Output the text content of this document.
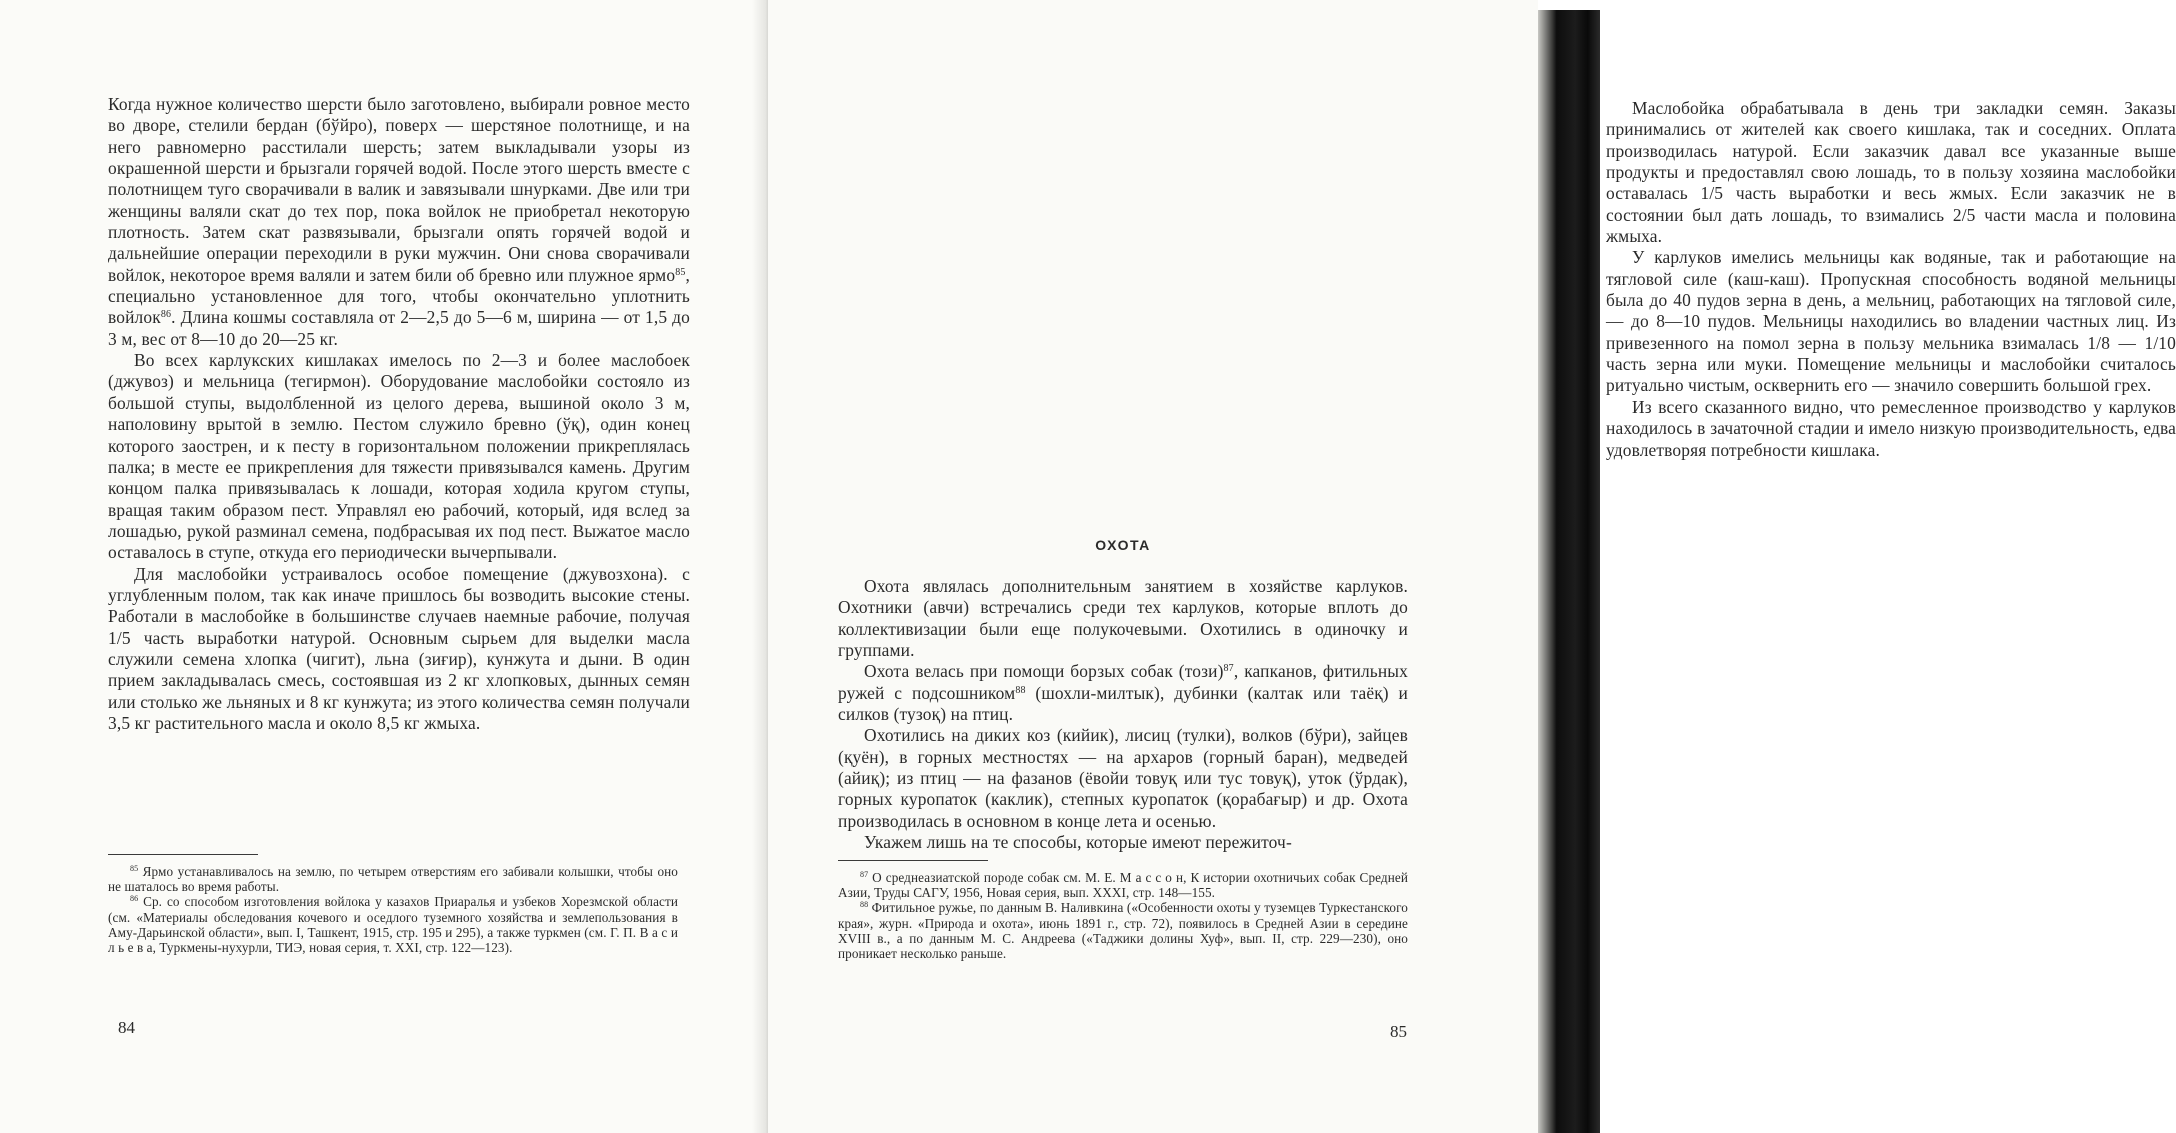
Когда нужное количество шерсти было заготовлено, выбирали ровное место во дворе, стелили бердан (бўйро), поверх — шерстяное полотнище, и на него равномерно расстилали шерсть; затем выкладывали узоры из окрашенной шерсти и брызгали горячей водой. После этого шерсть вместе с полотнищем туго сворачивали в валик и завязывали шнурками. Две или три женщины валяли скат до тех пор, пока войлок не приобретал некоторую плотность. Затем скат развязывали, брызгали опять горячей водой и дальнейшие операции переходили в руки мужчин. Они снова сворачивали войлок, некоторое время валяли и затем били об бревно или плужное ярмо$^{85}$, специально установленное для того, чтобы окончательно уплотнить войлок$^{86}$. Длина кошмы составляла от 2—2,5 до 5—6 м, ширина — от 1,5 до 3 м, вес от 8—10 до 20—25 кг.

Во всех карлукских кишлаках имелось по 2—3 и более маслобоек (джувоз) и мельница (тегирмон). Оборудование маслобойки состояло из большой ступы, выдолбленной из целого дерева, вышиной около 3 м, наполовину врытой в землю. Пестом служило бревно (ўқ), один конец которого заострен, и к песту в горизонтальном положении прикреплялась палка; в месте ее прикрепления для тяжести привязывался камень. Другим концом палка привязывалась к лошади, которая ходила кругом ступы, вращая таким образом пест. Управлял ею рабочий, который, идя вслед за лошадью, рукой разминал семена, подбрасывая их под пест. Выжатое масло оставалось в ступе, откуда его периодически вычерпывали.

Для маслобойки устраивалось особое помещение (джувозхона). с углубленным полом, так как иначе пришлось бы возводить высокие стены. Работали в маслобойке в большинстве случаев наемные рабочие, получая 1/5 часть выработки натурой. Основным сырьем для выделки масла служили семена хлопка (чигит), льна (зиғир), кунжута и дыни. В один прием закладывалась смесь, состоявшая из 2 кг хлопковых, дынных семян или столько же льняных и 8 кг кунжута; из этого количества семян получали 3,5 кг растительного масла и около 8,5 кг жмыха.

$^{85}$ Ярмо устанавливалось на землю, по четырем отверстиям его забивали колышки, чтобы оно не шаталось во время работы.

$^{86}$ Ср. со способом изготовления войлока у казахов Приаралья и узбеков Хорезмской области (см. «Материалы обследования кочевого и оседлого туземного хозяйства и землепользования в Аму-Дарьинской области», вып. I, Ташкент, 1915, стр. 195 и 295), а также туркмен (см. Г. П. В а с и л ь е в а, Туркмены-нухурли, ТИЭ, новая серия, т. XXI, стр. 122—123).

84

Маслобойка обрабатывала в день три закладки семян. Заказы принимались от жителей как своего кишлака, так и соседних. Оплата производилась натурой. Если заказчик давал все указанные выше продукты и предоставлял свою лошадь, то в пользу хозяина маслобойки оставалась 1/5 часть выработки и весь жмых. Если заказчик не в состоянии был дать лошадь, то взимались 2/5 части масла и половина жмыха.

У карлуков имелись мельницы как водяные, так и работающие на тягловой силе (каш-каш). Пропускная способность водяной мельницы была до 40 пудов зерна в день, а мельниц, работающих на тягловой силе, — до 8—10 пудов. Мельницы находились во владении частных лиц. Из привезенного на помол зерна в пользу мельника взималась 1/8 — 1/10 часть зерна или муки. Помещение мельницы и маслобойки считалось ритуально чистым, осквернить его — значило совершить большой грех.

Из всего сказанного видно, что ремесленное производство у карлуков находилось в зачаточной стадии и имело низкую производительность, едва удовлетворяя потребности кишлака.

ОХОТА

Охота являлась дополнительным занятием в хозяйстве карлуков. Охотники (авчи) встречались среди тех карлуков, которые вплоть до коллективизации были еще полукочевыми. Охотились в одиночку и группами.

Охота велась при помощи борзых собак (този)$^{87}$, капканов, фитильных ружей с подсошником$^{88}$ (шохли-милтык), дубинки (калтак или таёқ) и силков (тузоқ) на птиц.

Охотились на диких коз (кийик), лисиц (тулки), волков (бўри), зайцев (қуён), в горных местностях — на архаров (горный баран), медведей (айиқ); из птиц — на фазанов (ёвойи товуқ или тус товуқ), уток (ўрдак), горных куропаток (каклик), степных куропаток (қорабағыр) и др. Охота производилась в основном в конце лета и осенью.

Укажем лишь на те способы, которые имеют пережиточ-

$^{87}$ О среднеазиатской породе собак см. М. Е. М а с с о н, К истории охотничьих собак Средней Азии, Труды САГУ, 1956, Новая серия, вып. XXXI, стр. 148—155.

$^{88}$ Фитильное ружье, по данным В. Наливкина («Особенности охоты у туземцев Туркестанского края», журн. «Природа и охота», июнь 1891 г., стр. 72), появилось в Средней Азии в середине XVIII в., а по данным М. С. Андреева («Таджики долины Хуф», вып. II, стр. 229—230), оно проникает несколько раньше.

85
